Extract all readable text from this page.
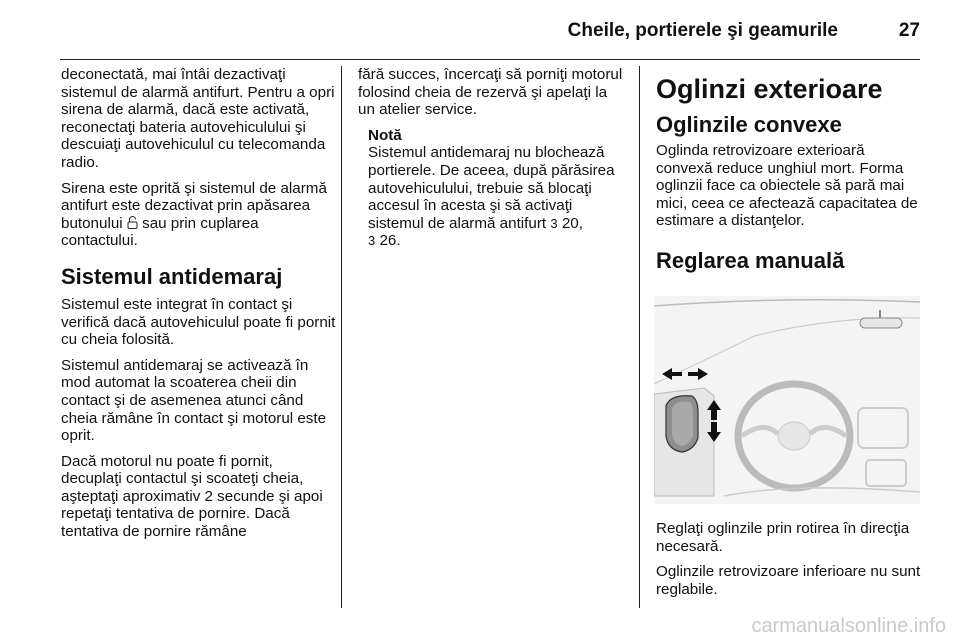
Cheile, portierele şi geamurile	27

deconectată, mai întâi dezactivaţi sistemul de alarmă antifurt. Pentru a opri sirena de alarmă, dacă este activată, reconectaţi bateria autovehiculului şi descuiaţi autovehiculul cu telecomanda radio.

Sirena este oprită şi sistemul de alarmă antifurt este dezactivat prin apăsarea butonului  sau prin cuplarea contactului.

Sistemul antidemaraj

Sistemul este integrat în contact şi verifică dacă autovehiculul poate fi pornit cu cheia folosită.

Sistemul antidemaraj se activează în mod automat la scoaterea cheii din contact şi de asemenea atunci când cheia rămâne în contact şi motorul este oprit.

Dacă motorul nu poate fi pornit, decuplaţi contactul şi scoateţi cheia, aşteptaţi aproximativ 2 secunde şi apoi repetaţi tentativa de pornire. Dacă tentativa de pornire rămâne

fără succes, încercaţi să porniţi motorul folosind cheia de rezervă şi apelaţi la un atelier service.

Notă

Sistemul antidemaraj nu blochează portierele. De aceea, după părăsirea autovehiculului, trebuie să blocaţi accesul în acesta şi să activaţi sistemul de alarmă antifurt 3 20,
3 26.

Oglinzi exterioare
Oglinzile convexe

Oglinda retrovizoare exterioară convexă reduce unghiul mort. Forma oglinzii face ca obiectele să pară mai mici, ceea ce afectează capacitatea de estimare a distanţelor.

Reglarea manuală

Reglaţi oglinzile prin rotirea în direcţia necesară.

Oglinzile retrovizoare inferioare nu sunt reglabile.

carmanualsonline.info
